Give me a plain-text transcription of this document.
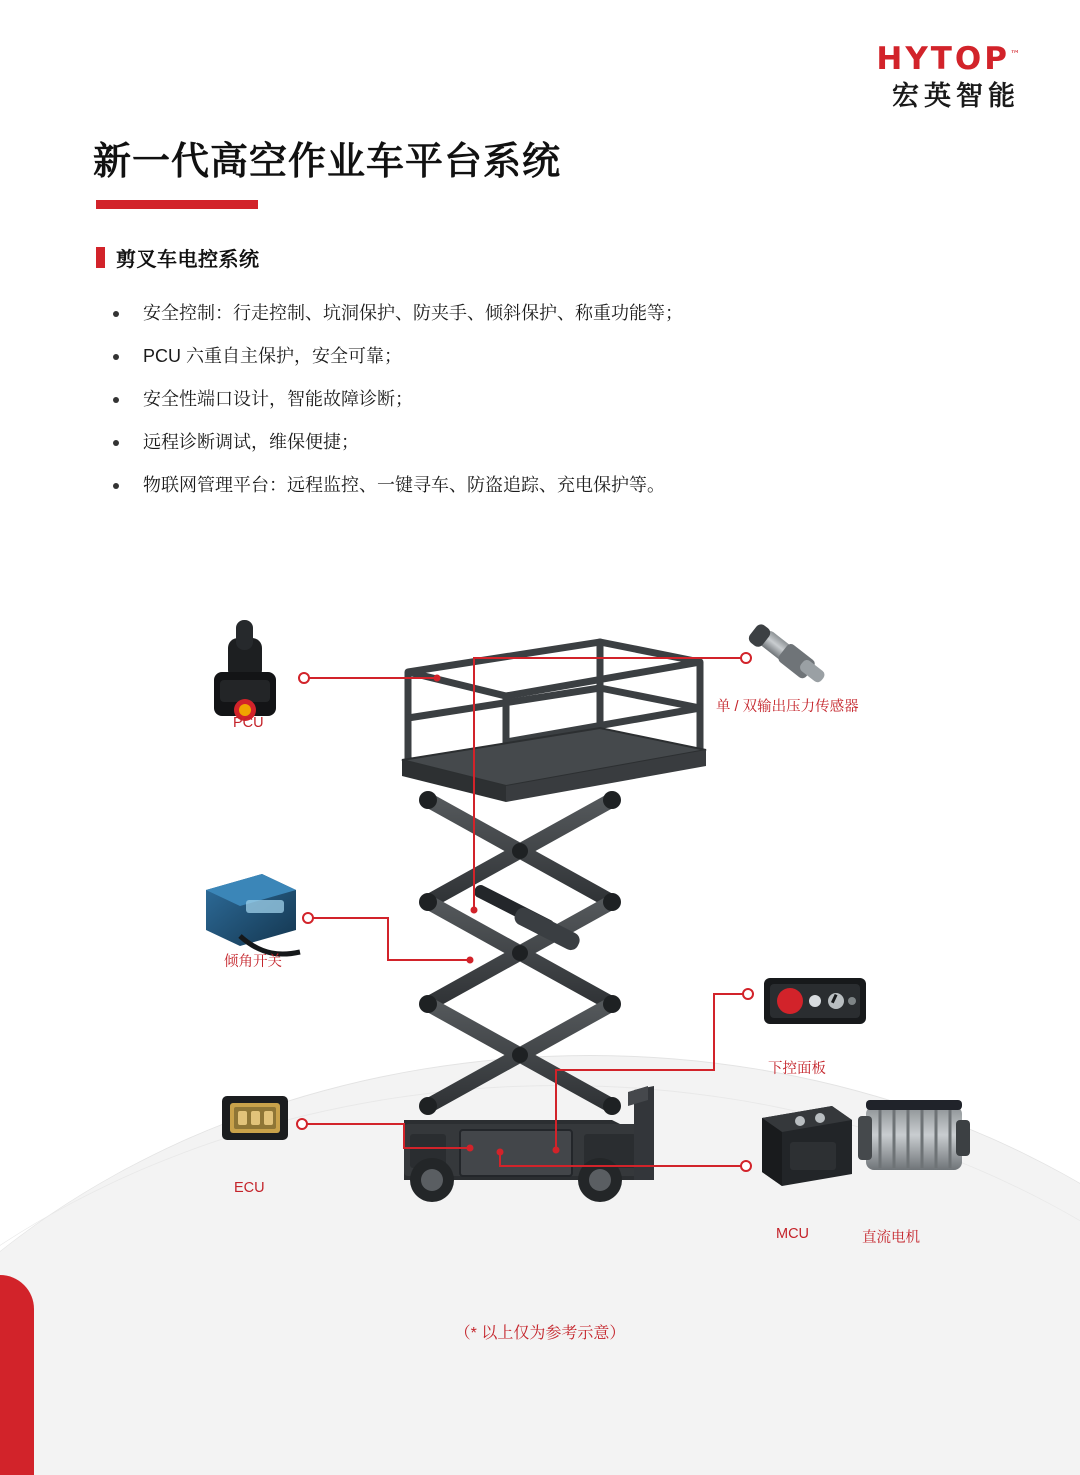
HYTOP™
宏英智能
新一代高空作业车平台系统
剪叉车电控系统
安全控制：行走控制、坑洞保护、防夹手、倾斜保护、称重功能等；
PCU 六重自主保护，安全可靠；
安全性端口设计，智能故障诊断；
远程诊断调试，维保便捷；
物联网管理平台：远程监控、一键寻车、防盗追踪、充电保护等。
PCU
单 / 双输出压力传感器
倾角开关
下控面板
ECU
MCU	直流电机
（* 以上仅为参考示意）
